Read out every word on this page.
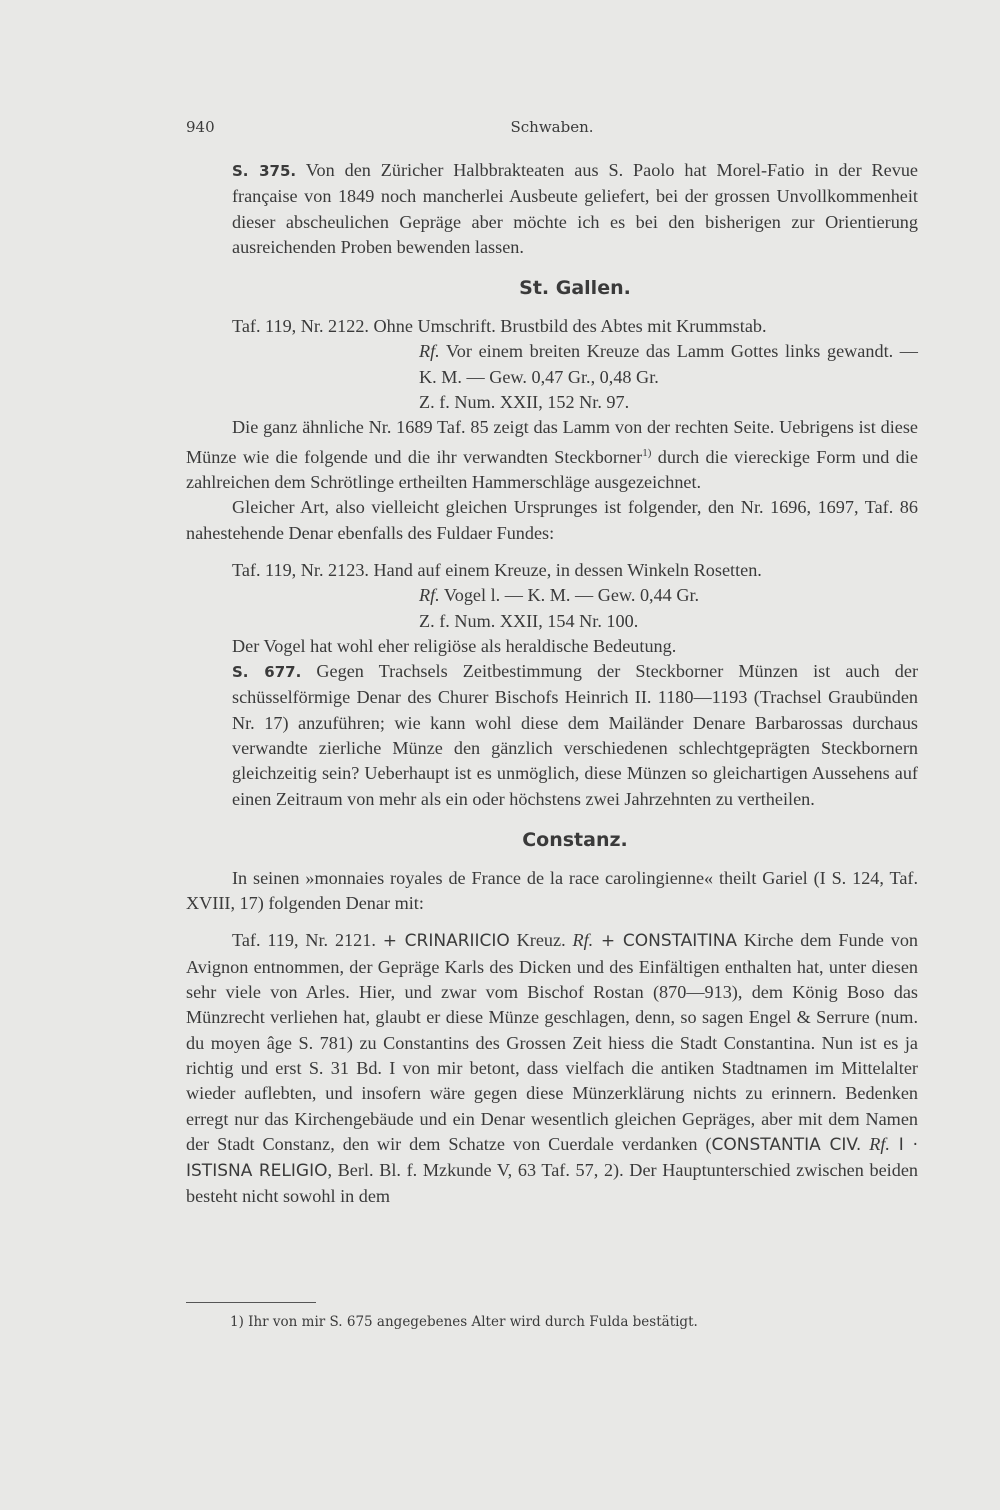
940	Schwaben.

S. 375. Von den Züricher Halbbrakteaten aus S. Paolo hat Morel-Fatio in der Revue française von 1849 noch mancherlei Ausbeute geliefert, bei der grossen Unvollkommenheit dieser abscheulichen Gepräge aber möchte ich es bei den bisherigen zur Orientierung ausreichenden Proben bewenden lassen.

St. Gallen.

Taf. 119, Nr. 2122. Ohne Umschrift. Brustbild des Abtes mit Krummstab.

Rf. Vor einem breiten Kreuze das Lamm Gottes links gewandt. — K. M. — Gew. 0,47 Gr., 0,48 Gr.

Z. f. Num. XXII, 152 Nr. 97.

Die ganz ähnliche Nr. 1689 Taf. 85 zeigt das Lamm von der rechten Seite. Uebrigens ist diese Münze wie die folgende und die ihr verwandten Steckborner$^{1)}$ durch die viereckige Form und die zahlreichen dem Schrötlinge ertheilten Hammerschläge ausgezeichnet.

Gleicher Art, also vielleicht gleichen Ursprunges ist folgender, den Nr. 1696, 1697, Taf. 86 nahestehende Denar ebenfalls des Fuldaer Fundes:

Taf. 119, Nr. 2123. Hand auf einem Kreuze, in dessen Winkeln Rosetten.

Rf. Vogel l. — K. M. — Gew. 0,44 Gr.

Z. f. Num. XXII, 154 Nr. 100.

Der Vogel hat wohl eher religiöse als heraldische Bedeutung.

S. 677. Gegen Trachsels Zeitbestimmung der Steckborner Münzen ist auch der schüsselförmige Denar des Churer Bischofs Heinrich II. 1180—1193 (Trachsel Graubünden Nr. 17) anzuführen; wie kann wohl diese dem Mailänder Denare Barbarossas durchaus verwandte zierliche Münze den gänzlich verschiedenen schlechtgeprägten Steckbornern gleichzeitig sein? Ueberhaupt ist es unmöglich, diese Münzen so gleichartigen Aussehens auf einen Zeitraum von mehr als ein oder höchstens zwei Jahrzehnten zu vertheilen.

Constanz.

In seinen »monnaies royales de France de la race carolingienne« theilt Gariel (I S. 124, Taf. XVIII, 17) folgenden Denar mit:

Taf. 119, Nr. 2121. + CRINARIICIO Kreuz. Rf. + CONSTAITINA Kirche dem Funde von Avignon entnommen, der Gepräge Karls des Dicken und des Einfältigen enthalten hat, unter diesen sehr viele von Arles. Hier, und zwar vom Bischof Rostan (870—913), dem König Boso das Münzrecht verliehen hat, glaubt er diese Münze geschlagen, denn, so sagen Engel & Serrure (num. du moyen âge S. 781) zu Constantins des Grossen Zeit hiess die Stadt Constantina. Nun ist es ja richtig und erst S. 31 Bd. I von mir betont, dass vielfach die antiken Stadtnamen im Mittelalter wieder auflebten, und insofern wäre gegen diese Münzerklärung nichts zu erinnern. Bedenken erregt nur das Kirchengebäude und ein Denar wesentlich gleichen Gepräges, aber mit dem Namen der Stadt Constanz, den wir dem Schatze von Cuerdale verdanken (CONSTANTIA CIV. Rf. I · ISTISNA RELIGIO, Berl. Bl. f. Mzkunde V, 63 Taf. 57, 2). Der Hauptunterschied zwischen beiden besteht nicht sowohl in dem

1) Ihr von mir S. 675 angegebenes Alter wird durch Fulda bestätigt.
